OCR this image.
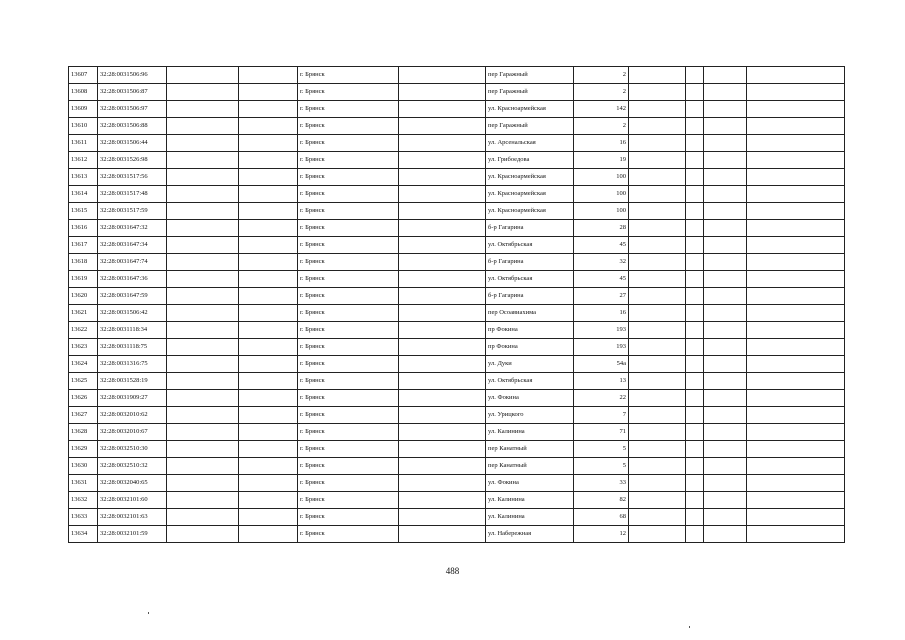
13607	32:28:0031506:96			г. Брянск		пер Гаражный	2				
13608	32:28:0031506:87			г. Брянск		пер Гаражный	2				
13609	32:28:0031506:97			г. Брянск		ул. Красноармейская	142				
13610	32:28:0031506:88			г. Брянск		пер Гаражный	2				
13611	32:28:0031506:44			г. Брянск		ул. Арсенальская	16				
13612	32:28:0031526:98			г. Брянск		ул. Грибоедова	19				
13613	32:28:0031517:56			г. Брянск		ул. Красноармейская	100				
13614	32:28:0031517:48			г. Брянск		ул. Красноармейская	100				
13615	32:28:0031517:59			г. Брянск		ул. Красноармейская	100				
13616	32:28:0031647:32			г. Брянск		б-р Гагарина	28				
13617	32:28:0031647:34			г. Брянск		ул. Октябрьская	45				
13618	32:28:0031647:74			г. Брянск		б-р Гагарина	32				
13619	32:28:0031647:36			г. Брянск		ул. Октябрьская	45				
13620	32:28:0031647:59			г. Брянск		б-р Гагарина	27				
13621	32:28:0031506:42			г. Брянск		пер Осоавиахима	16				
13622	32:28:0031118:34			г. Брянск		пр Фокина	193				
13623	32:28:0031118:75			г. Брянск		пр Фокина	193				
13624	32:28:0031316:75			г. Брянск		ул. Дуки	54а				
13625	32:28:0031528:19			г. Брянск		ул. Октябрьская	13				
13626	32:28:0031909:27			г. Брянск		ул. Фокина	22				
13627	32:28:0032010:62			г. Брянск		ул. Урицкого	7				
13628	32:28:0032010:67			г. Брянск		ул. Калинина	71				
13629	32:28:0032510:30			г. Брянск		пер Канатный	5				
13630	32:28:0032510:32			г. Брянск		пер Канатный	5				
13631	32:28:0032040:65			г. Брянск		ул. Фокина	33				
13632	32:28:0032101:60			г. Брянск		ул. Калинина	82				
13633	32:28:0032101:63			г. Брянск		ул. Калинина	68				
13634	32:28:0032101:59			г. Брянск		ул. Набережная	12				
488
